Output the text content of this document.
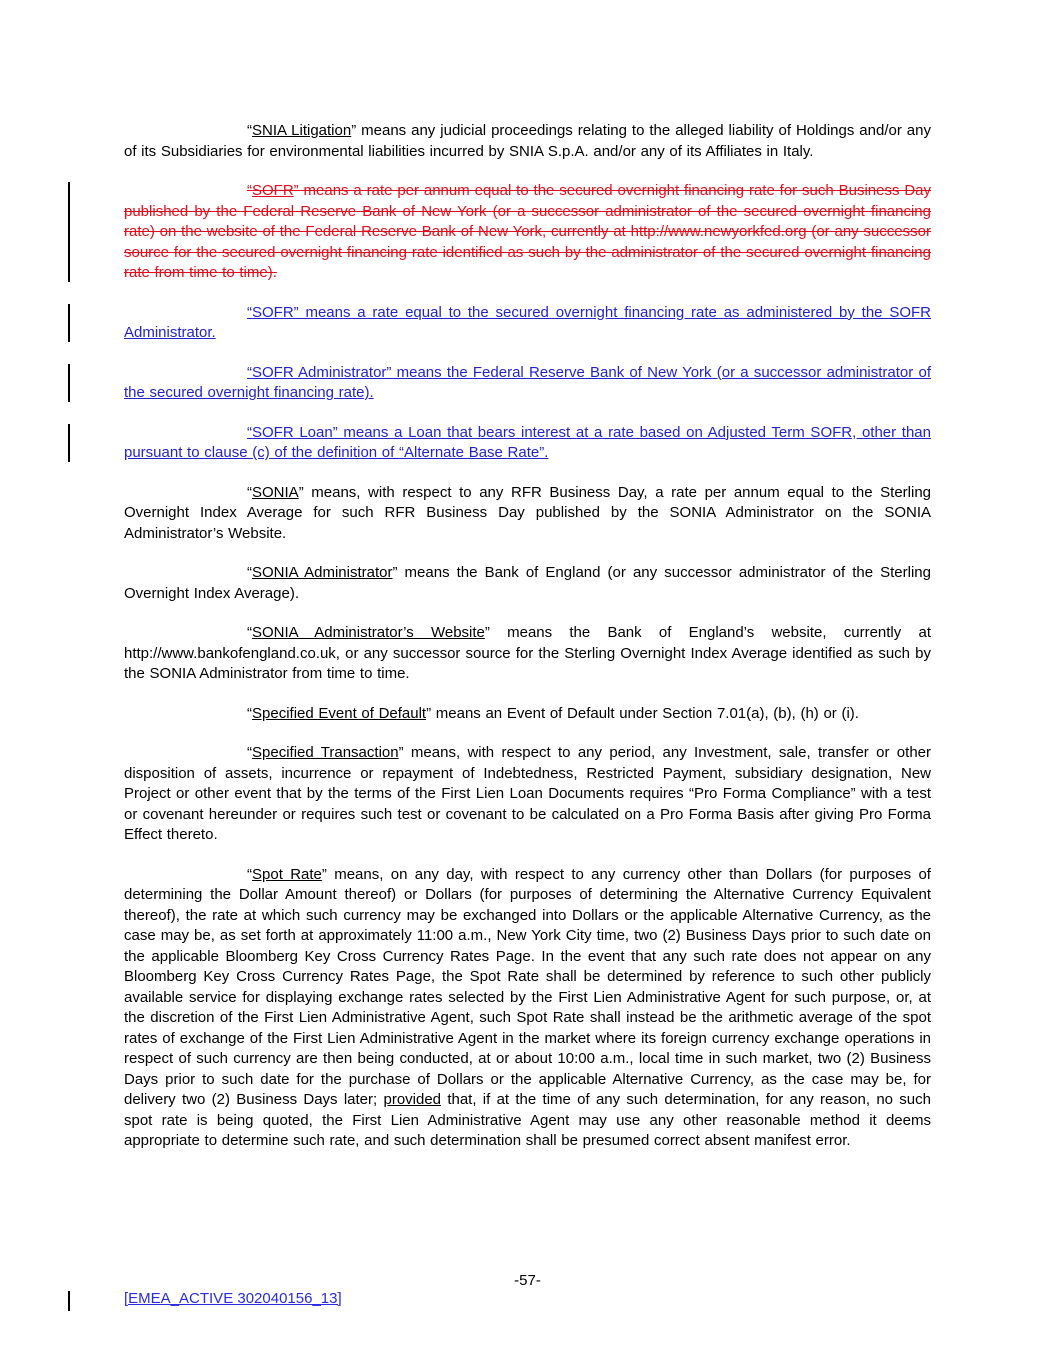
“SNIA Litigation” means any judicial proceedings relating to the alleged liability of Holdings and/or any of its Subsidiaries for environmental liabilities incurred by SNIA S.p.A. and/or any of its Affiliates in Italy.

“SOFR” means a rate per annum equal to the secured overnight financing rate for such Business Day published by the Federal Reserve Bank of New York (or a successor administrator of the secured overnight financing rate) on the website of the Federal Reserve Bank of New York, currently at http://www.newyorkfed.org (or any successor source for the secured overnight financing rate identified as such by the administrator of the secured overnight financing rate from time to time).

“SOFR” means a rate equal to the secured overnight financing rate as administered by the SOFR Administrator.

“SOFR Administrator” means the Federal Reserve Bank of New York (or a successor administrator of the secured overnight financing rate).

“SOFR Loan” means a Loan that bears interest at a rate based on Adjusted Term SOFR, other than pursuant to clause (c) of the definition of “Alternate Base Rate”.

“SONIA” means, with respect to any RFR Business Day, a rate per annum equal to the Sterling Overnight Index Average for such RFR Business Day published by the SONIA Administrator on the SONIA Administrator’s Website.

“SONIA Administrator” means the Bank of England (or any successor administrator of the Sterling Overnight Index Average).

“SONIA Administrator’s Website” means the Bank of England’s website, currently at http://www.bankofengland.co.uk, or any successor source for the Sterling Overnight Index Average identified as such by the SONIA Administrator from time to time.

“Specified Event of Default” means an Event of Default under Section 7.01(a), (b), (h) or (i).

“Specified Transaction” means, with respect to any period, any Investment, sale, transfer or other disposition of assets, incurrence or repayment of Indebtedness, Restricted Payment, subsidiary designation, New Project or other event that by the terms of the First Lien Loan Documents requires “Pro Forma Compliance” with a test or covenant hereunder or requires such test or covenant to be calculated on a Pro Forma Basis after giving Pro Forma Effect thereto.

“Spot Rate” means, on any day, with respect to any currency other than Dollars (for purposes of determining the Dollar Amount thereof) or Dollars (for purposes of determining the Alternative Currency Equivalent thereof), the rate at which such currency may be exchanged into Dollars or the applicable Alternative Currency, as the case may be, as set forth at approximately 11:00 a.m., New York City time, two (2) Business Days prior to such date on the applicable Bloomberg Key Cross Currency Rates Page. In the event that any such rate does not appear on any Bloomberg Key Cross Currency Rates Page, the Spot Rate shall be determined by reference to such other publicly available service for displaying exchange rates selected by the First Lien Administrative Agent for such purpose, or, at the discretion of the First Lien Administrative Agent, such Spot Rate shall instead be the arithmetic average of the spot rates of exchange of the First Lien Administrative Agent in the market where its foreign currency exchange operations in respect of such currency are then being conducted, at or about 10:00 a.m., local time in such market, two (2) Business Days prior to such date for the purchase of Dollars or the applicable Alternative Currency, as the case may be, for delivery two (2) Business Days later; provided that, if at the time of any such determination, for any reason, no such spot rate is being quoted, the First Lien Administrative Agent may use any other reasonable method it deems appropriate to determine such rate, and such determination shall be presumed correct absent manifest error.

-57-
[EMEA_ACTIVE 302040156_13]
